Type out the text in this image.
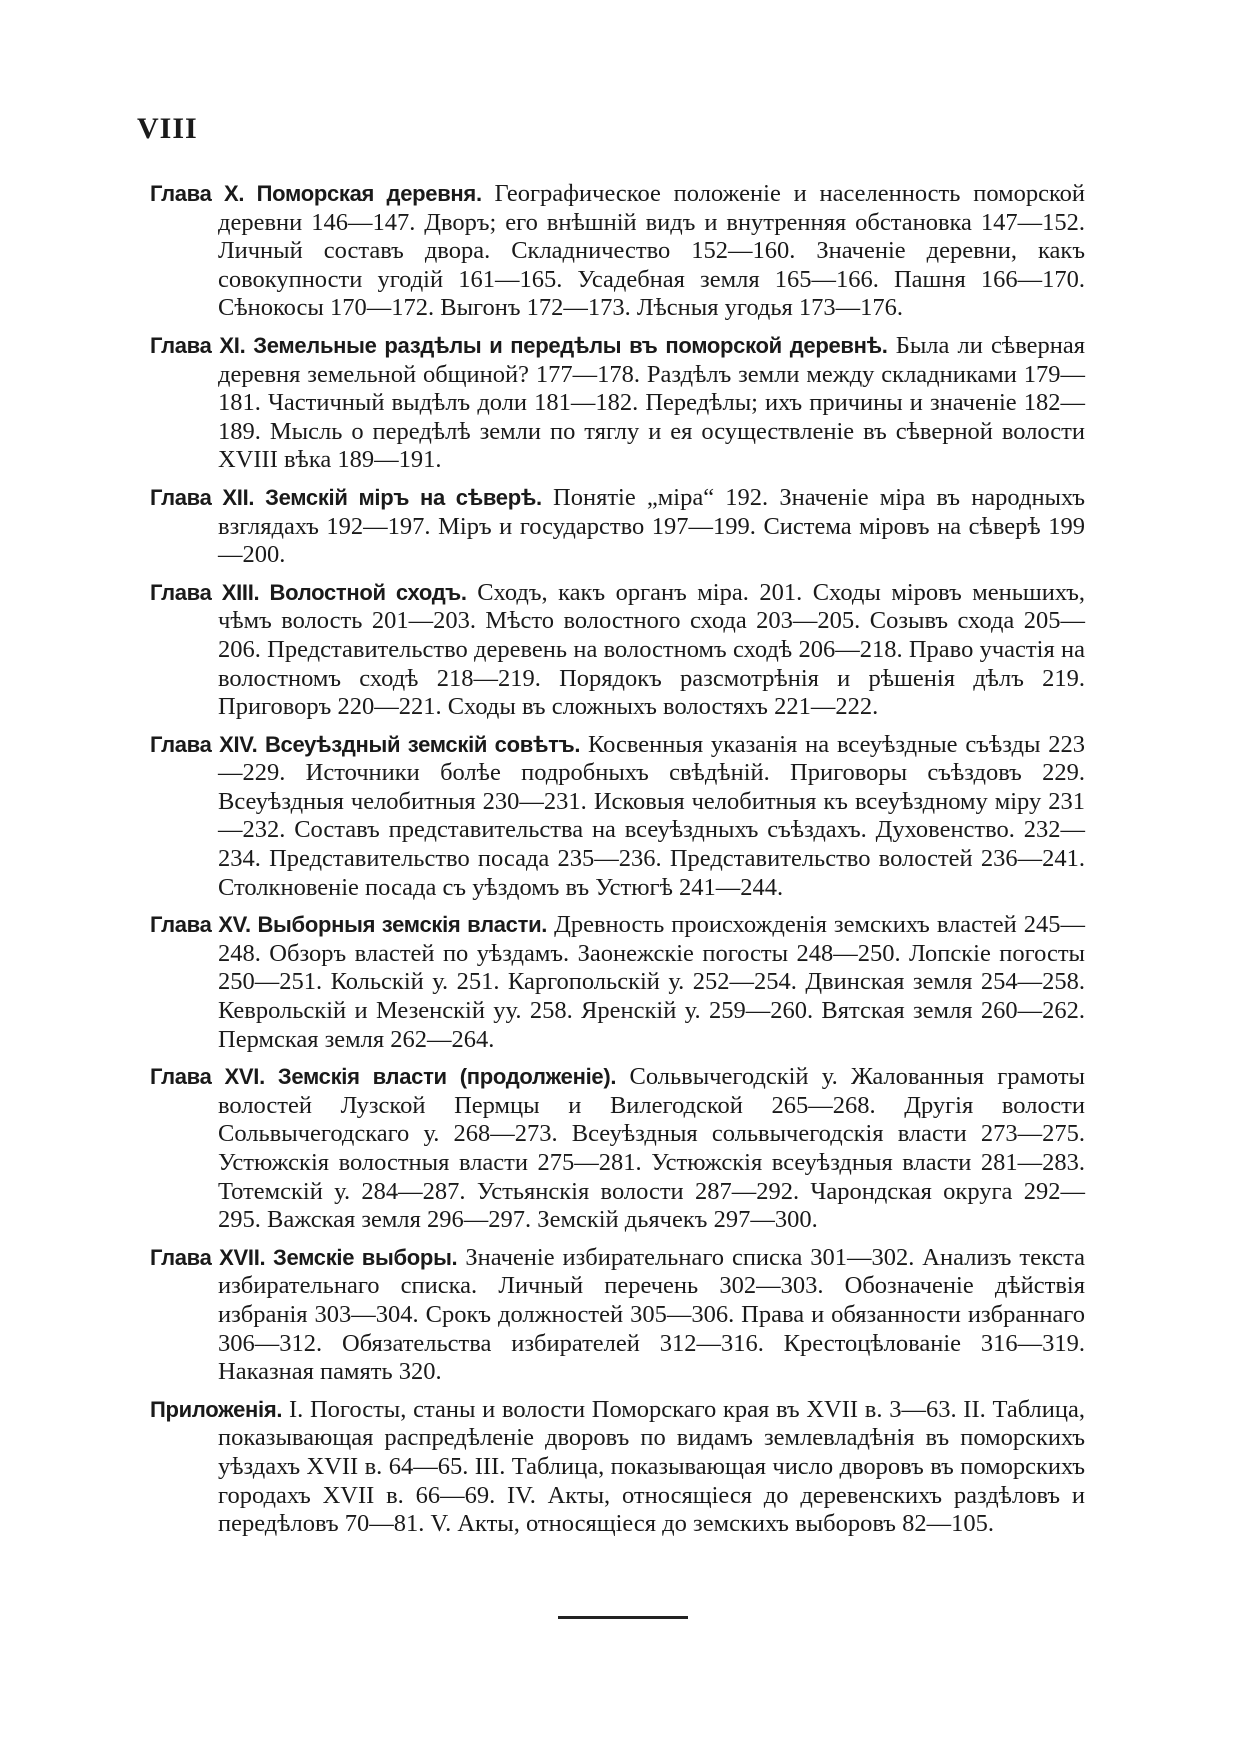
VIII

Глава X. Поморская деревня. Географическое положеніе и населенность поморской деревни 146—147. Дворъ; его внѣшній видъ и внутренняя обстановка 147—152. Личный составъ двора. Складничество 152—160. Значеніе деревни, какъ совокупности угодій 161—165. Усадебная земля 165—166. Пашня 166—170. Сѣнокосы 170—172. Выгонъ 172—173. Лѣсныя угодья 173—176.

Глава XI. Земельные раздѣлы и передѣлы въ поморской деревнѣ. Была ли сѣверная деревня земельной общиной? 177—178. Раздѣлъ земли между складниками 179—181. Частичный выдѣлъ доли 181—182. Передѣлы; ихъ причины и значеніе 182—189. Мысль о передѣлѣ земли по тяглу и ея осуществленіе въ сѣверной волости XVIII вѣка 189—191.

Глава XII. Земскій міръ на сѣверѣ. Понятіе „міра“ 192. Значеніе міра въ народныхъ взглядахъ 192—197. Міръ и государство 197—199. Система міровъ на сѣверѣ 199—200.

Глава XIII. Волостной сходъ. Сходъ, какъ органъ міра. 201. Сходы міровъ меньшихъ, чѣмъ волость 201—203. Мѣсто волостного схода 203—205. Созывъ схода 205—206. Представительство деревень на волостномъ сходѣ 206—218. Право участія на волостномъ сходѣ 218—219. Порядокъ разсмотрѣнія и рѣшенія дѣлъ 219. Приговоръ 220—221. Сходы въ сложныхъ волостяхъ 221—222.

Глава XIV. Всеуѣздный земскій совѣтъ. Косвенныя указанія на всеуѣздные съѣзды 223—229. Источники болѣе подробныхъ свѣдѣній. Приговоры съѣздовъ 229. Всеуѣздныя челобитныя 230—231. Исковыя челобитныя къ всеуѣздному міру 231—232. Составъ представительства на всеуѣздныхъ съѣздахъ. Духовенство. 232—234. Представительство посада 235—236. Представительство волостей 236—241. Столкновеніе посада съ уѣздомъ въ Устюгѣ 241—244.

Глава XV. Выборныя земскія власти. Древность происхожденія земскихъ властей 245—248. Обзоръ властей по уѣздамъ. Заонежскіе погосты 248—250. Лопскіе погосты 250—251. Кольскій у. 251. Каргопольскій у. 252—254. Двинская земля 254—258. Кеврольскій и Мезенскій уу. 258. Яренскій у. 259—260. Вятская земля 260—262. Пермская земля 262—264.

Глава XVI. Земскія власти (продолженіе). Сольвычегодскій у. Жалованныя грамоты волостей Лузской Пермцы и Вилегодской 265—268. Другія волости Сольвычегодскаго у. 268—273. Всеуѣздныя сольвычегодскія власти 273—275. Устюжскія волостныя власти 275—281. Устюжскія всеуѣздныя власти 281—283. Тотемскій у. 284—287. Устьянскія волости 287—292. Чарондская округа 292—295. Важская земля 296—297. Земскій дьячекъ 297—300.

Глава XVII. Земскіе выборы. Значеніе избирательнаго списка 301—302. Анализъ текста избирательнаго списка. Личный перечень 302—303. Обозначеніе дѣйствія избранія 303—304. Срокъ должностей 305—306. Права и обязанности избраннаго 306—312. Обязательства избирателей 312—316. Крестоцѣлованіе 316—319. Наказная память 320.

Приложенія. I. Погосты, станы и волости Поморскаго края въ XVII в. 3—63. II. Таблица, показывающая распредѣленіе дворовъ по видамъ землевладѣнія въ поморскихъ уѣздахъ XVII в. 64—65. III. Таблица, показывающая число дворовъ въ поморскихъ городахъ XVII в. 66—69. IV. Акты, относящіеся до деревенскихъ раздѣловъ и передѣловъ 70—81. V. Акты, относящіеся до земскихъ выборовъ 82—105.
